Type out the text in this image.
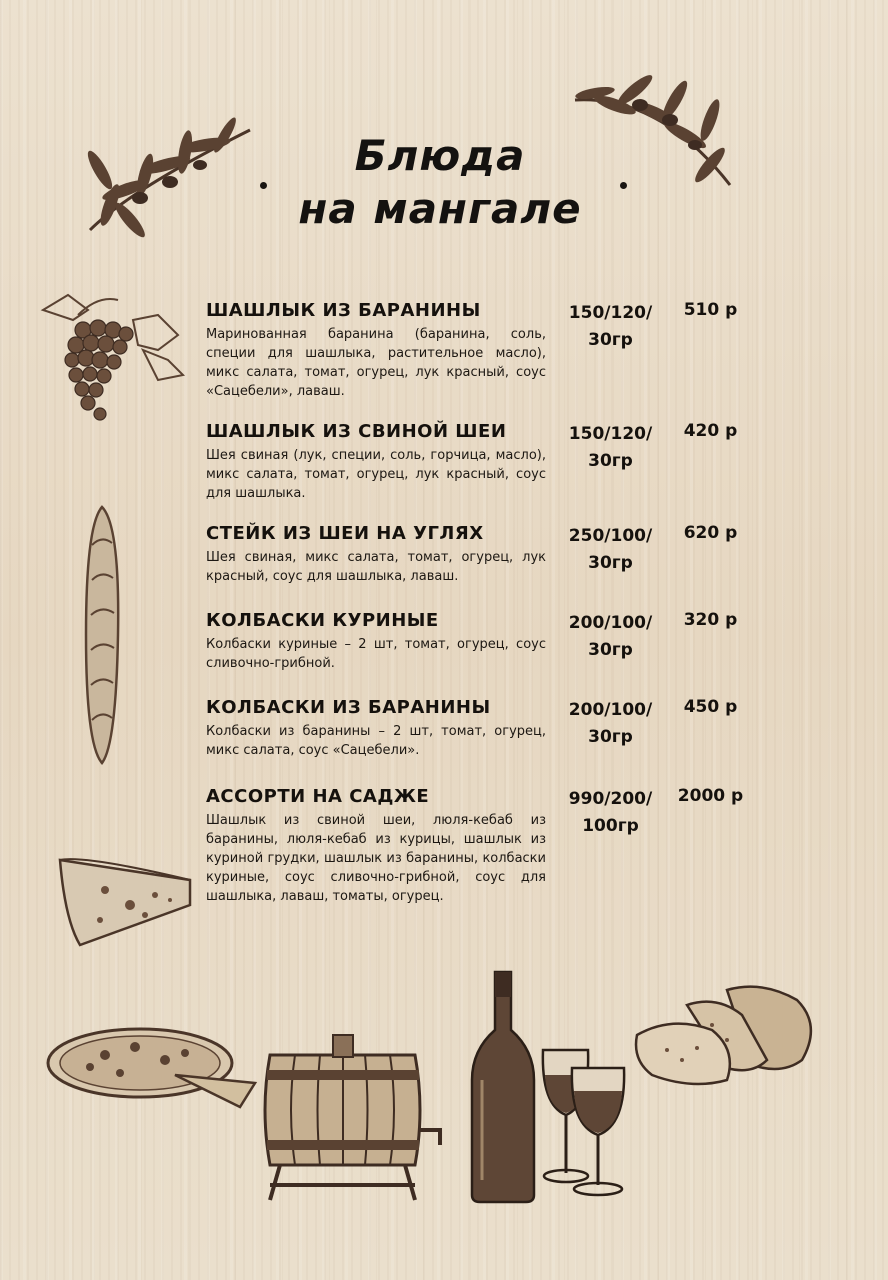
Блюда
на мангале
ШАШЛЫК ИЗ БАРАНИНЫ
Маринованная баранина (баранина, соль, специи для шашлыка, растительное масло), микс салата, томат, огурец, лук красный, соус «Сацебели», лаваш.
150/120/
30гр
510 р
ШАШЛЫК ИЗ СВИНОЙ ШЕИ
Шея свиная (лук, специи, соль, горчица, масло), микс салата, томат, огурец, лук красный, соус для шашлыка.
150/120/
30гр
420 р
СТЕЙК ИЗ ШЕИ НА УГЛЯХ
Шея свиная, микс салата, томат, огурец, лук красный, соус для шашлыка, лаваш.
250/100/
30гр
620 р
КОЛБАСКИ КУРИНЫЕ
Колбаски куриные – 2 шт, томат, огурец, соус сливочно-грибной.
200/100/
30гр
320 р
КОЛБАСКИ ИЗ БАРАНИНЫ
Колбаски из баранины – 2 шт, томат, огурец, микс салата, соус «Сацебели».
200/100/
30гр
450 р
АССОРТИ НА САДЖЕ
Шашлык из свиной шеи, люля-кебаб из баранины, люля-кебаб из курицы, шашлык из куриной грудки, шашлык из баранины, колбаски куриные, соус сливочно-грибной, соус для шашлыка, лаваш, томаты, огурец.
990/200/
100гр
2000 р
